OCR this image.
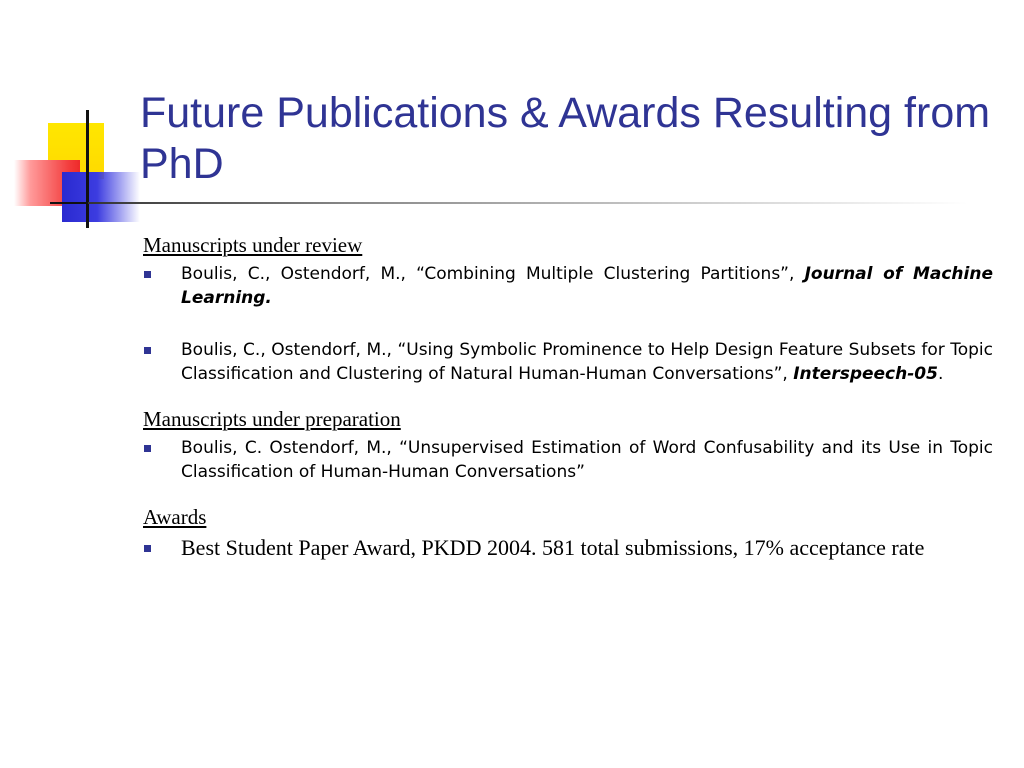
Future Publications & Awards Resulting from PhD
Manuscripts under review
Boulis, C., Ostendorf, M., “Combining Multiple Clustering Partitions”, Journal of Machine Learning.
Boulis, C., Ostendorf, M., “Using Symbolic Prominence to Help Design Feature Subsets for Topic Classification and Clustering of Natural Human-Human Conversations”, Interspeech-05.
Manuscripts under preparation
Boulis, C. Ostendorf, M., “Unsupervised Estimation of Word Confusability and its Use in Topic Classification of Human-Human Conversations”
Awards
Best Student Paper Award, PKDD 2004. 581 total submissions, 17% acceptance rate
